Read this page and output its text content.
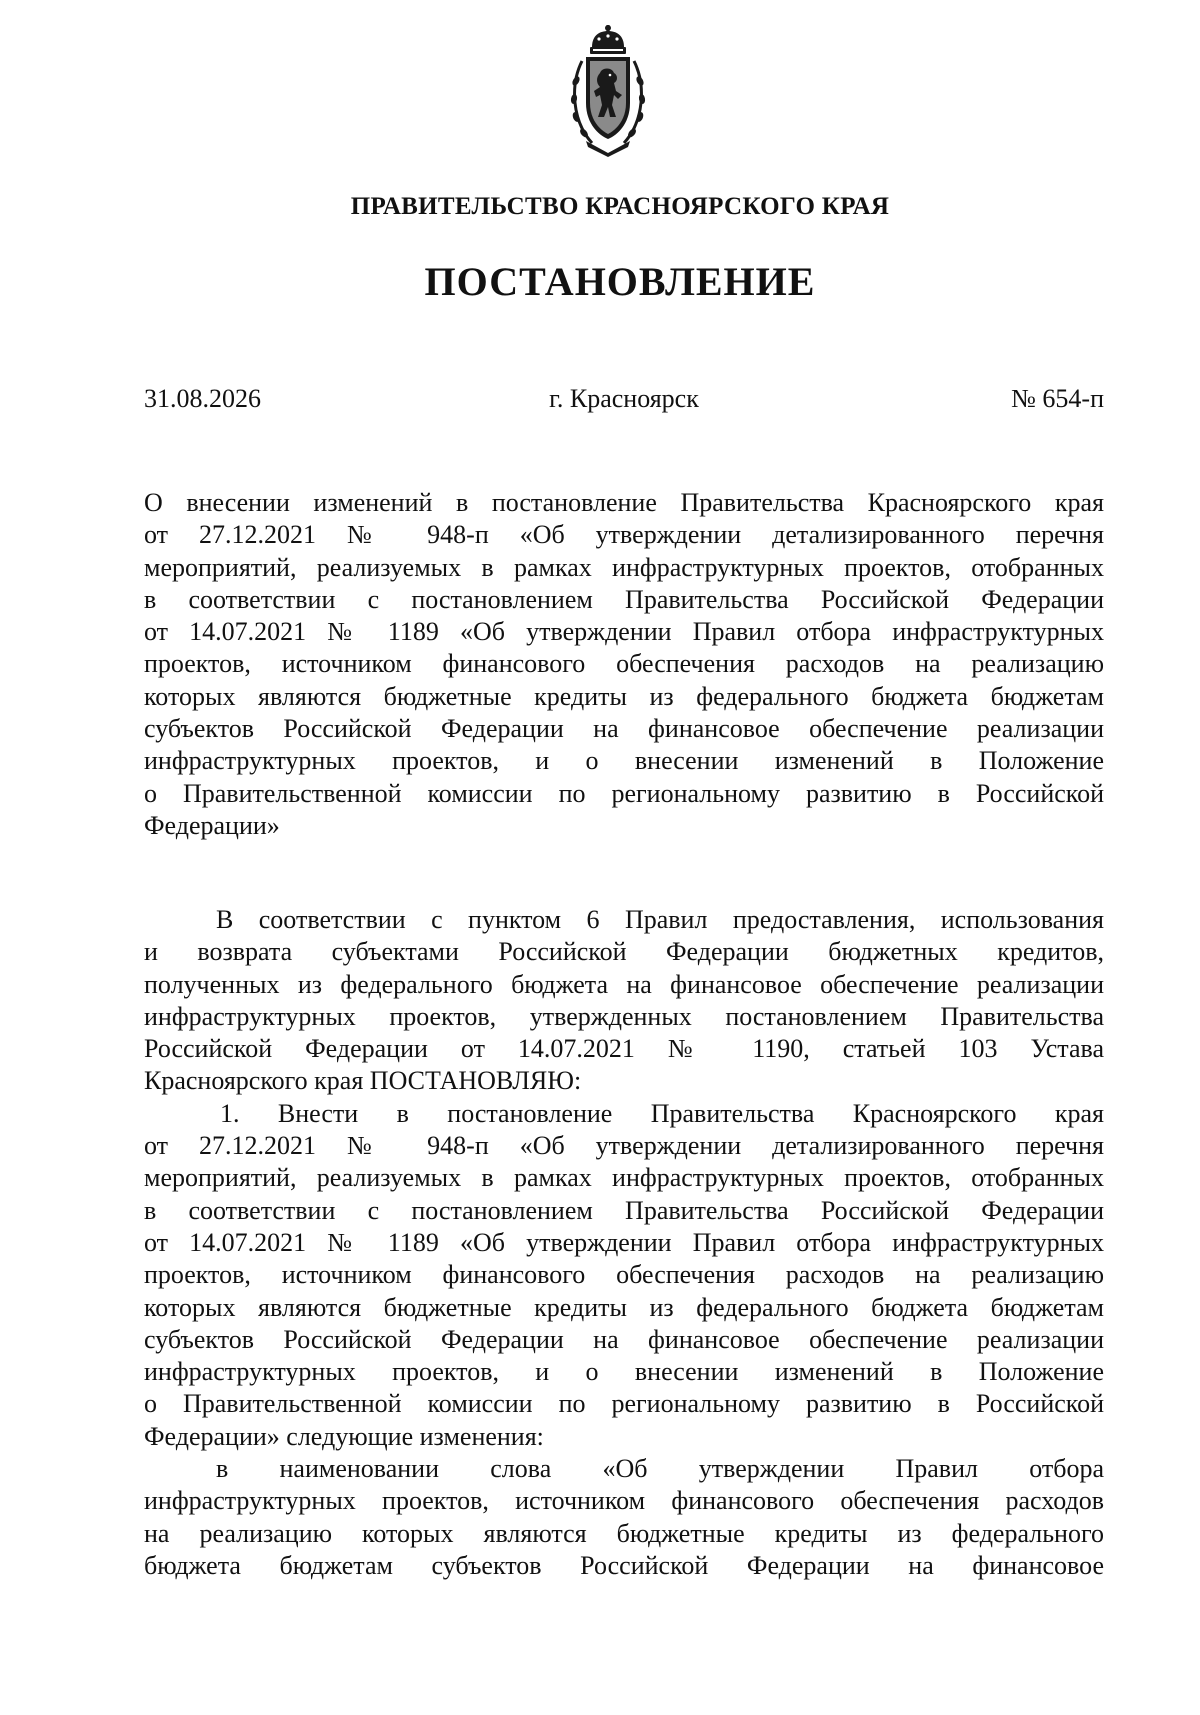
ПРАВИТЕЛЬСТВО КРАСНОЯРСКОГО КРАЯ
ПОСТАНОВЛЕНИЕ
31.08.2026	г. Красноярск	№ 654-п
О внесении изменений в постановление Правительства Красноярского края
от 27.12.2021 № 948-п «Об утверждении детализированного перечня
мероприятий, реализуемых в рамках инфраструктурных проектов, отобранных
в соответствии с постановлением Правительства Российской Федерации
от 14.07.2021 № 1189 «Об утверждении Правил отбора инфраструктурных
проектов, источником финансового обеспечения расходов на реализацию
которых являются бюджетные кредиты из федерального бюджета бюджетам
субъектов Российской Федерации на финансовое обеспечение реализации
инфраструктурных проектов, и о внесении изменений в Положение
о Правительственной комиссии по региональному развитию в Российской
Федерации»
В соответствии с пунктом 6 Правил предоставления, использования
и возврата субъектами Российской Федерации бюджетных кредитов,
полученных из федерального бюджета на финансовое обеспечение реализации
инфраструктурных проектов, утвержденных постановлением Правительства
Российской Федерации от 14.07.2021 № 1190, статьей 103 Устава
Красноярского края ПОСТАНОВЛЯЮ:
1. Внести в постановление Правительства Красноярского края
от 27.12.2021 № 948-п «Об утверждении детализированного перечня
мероприятий, реализуемых в рамках инфраструктурных проектов, отобранных
в соответствии с постановлением Правительства Российской Федерации
от 14.07.2021 № 1189 «Об утверждении Правил отбора инфраструктурных
проектов, источником финансового обеспечения расходов на реализацию
которых являются бюджетные кредиты из федерального бюджета бюджетам
субъектов Российской Федерации на финансовое обеспечение реализации
инфраструктурных проектов, и о внесении изменений в Положение
о Правительственной комиссии по региональному развитию в Российской
Федерации» следующие изменения:
в наименовании слова «Об утверждении Правил отбора
инфраструктурных проектов, источником финансового обеспечения расходов
на реализацию которых являются бюджетные кредиты из федерального
бюджета бюджетам субъектов Российской Федерации на финансовое
